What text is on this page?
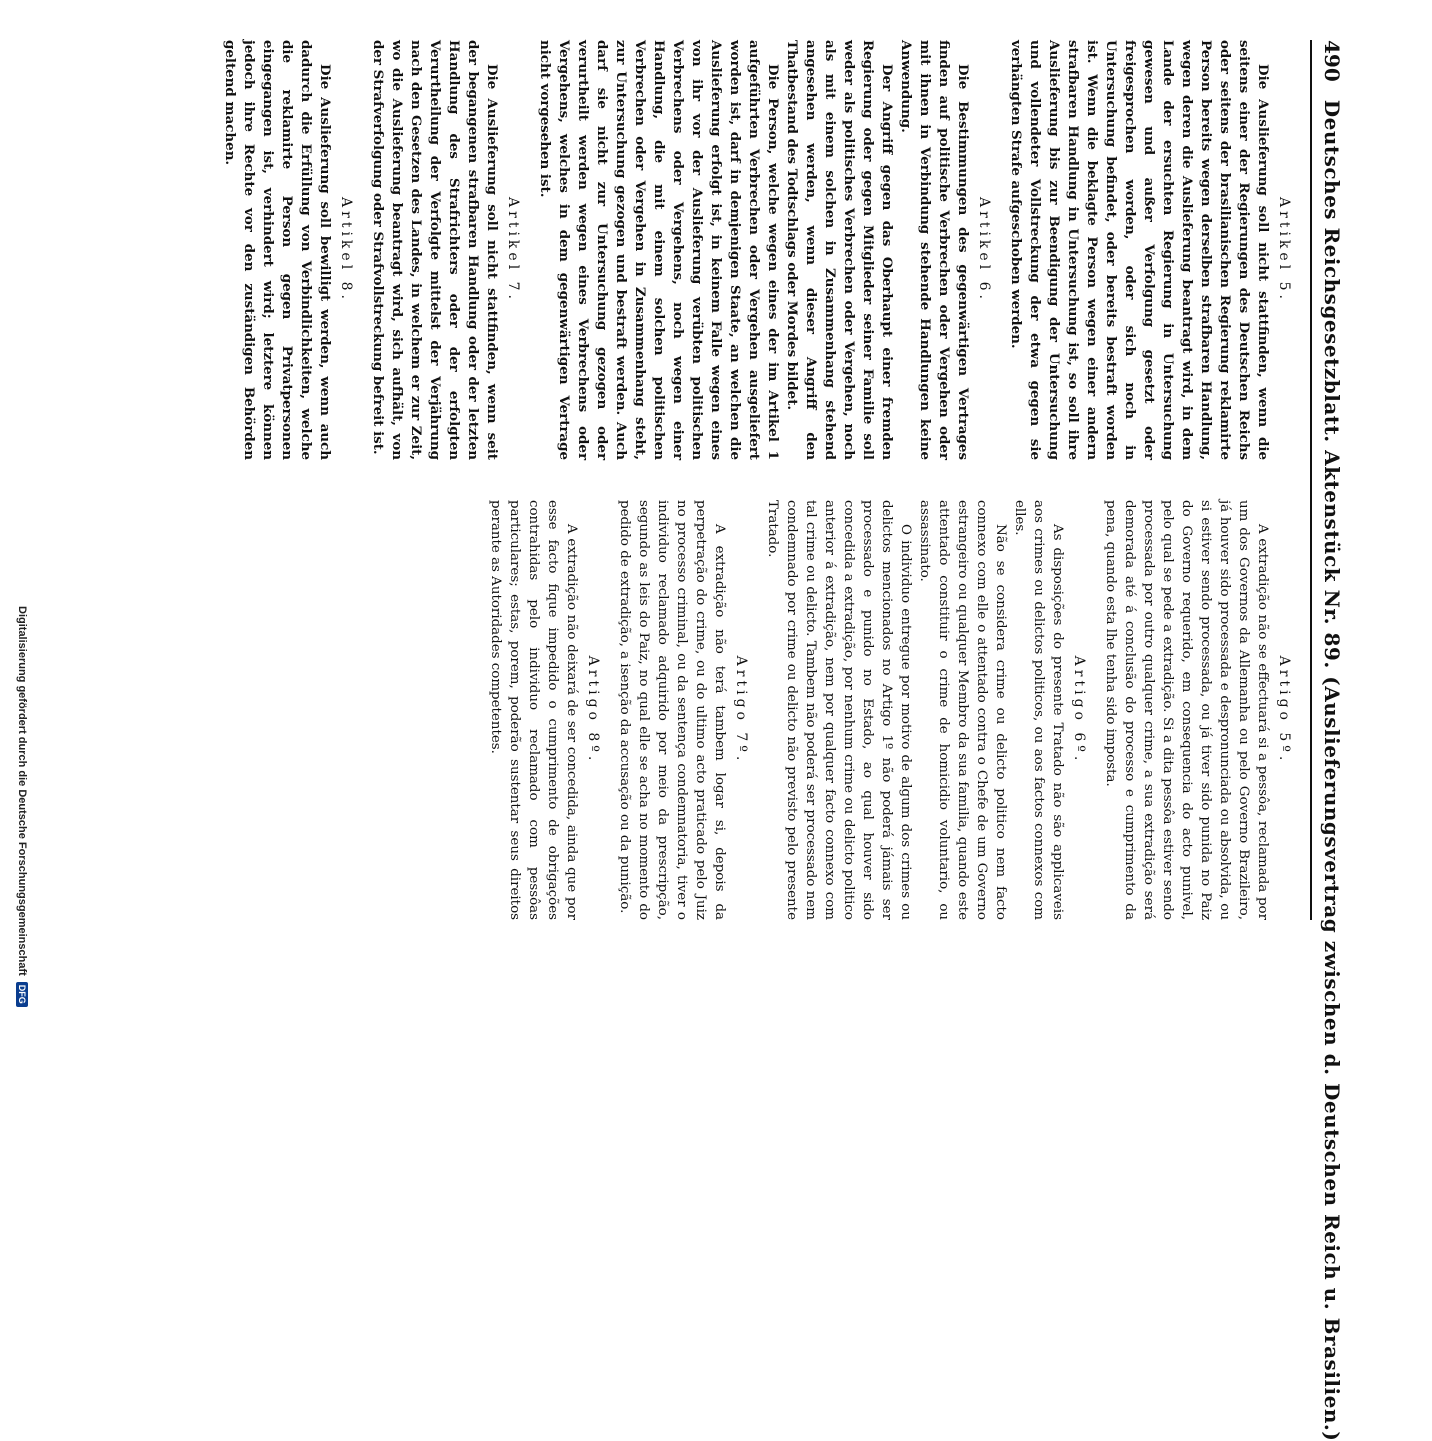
490
Deutsches Reichsgesetzblatt. Aktenstück Nr. 89. (Auslieferungsvertrag zwischen d. Deutschen Reich u. Brasilien.)
Artikel 5.

Die Auslieferung soll nicht stattfinden, wenn die seitens einer der Regierungen des Deutschen Reichs oder seitens der brasilianischen Regierung reklamirte Person bereits wegen derselben strafbaren Handlung, wegen deren die Auslieferung beantragt wird, in dem Lande der ersuchten Regierung in Untersuchung gewesen und außer Verfolgung gesetzt oder freigesprochen worden, oder sich noch in Untersuchung befindet, oder bereits bestraft worden ist. Wenn die beklagte Person wegen einer andern strafbaren Handlung in Untersuchung ist, so soll ihre Auslieferung bis zur Beendigung der Untersuchung und vollendeter Vollstreckung der etwa gegen sie verhängten Strafe aufgeschoben werden.

Artikel 6.

Die Bestimmungen des gegenwärtigen Vertrages finden auf politische Verbrechen oder Vergehen oder mit ihnen in Verbindung stehende Handlungen keine Anwendung.

Der Angriff gegen das Oberhaupt einer fremden Regierung oder gegen Mitglieder seiner Familie soll weder als politisches Verbrechen oder Vergehen, noch als mit einem solchen in Zusammenhang stehend angesehen werden, wenn dieser Angriff den Thatbestand des Todtschlags oder Mordes bildet.

Die Person, welche wegen eines der im Artikel 1 aufgeführten Verbrechen oder Vergehen ausgeliefert worden ist, darf in demjenigen Staate, an welchen die Auslieferung erfolgt ist, in keinem Falle wegen eines von ihr vor der Auslieferung verübten politischen Verbrechens oder Vergehens, noch wegen einer Handlung, die mit einem solchen politischen Verbrechen oder Vergehen in Zusammenhang steht, zur Untersuchung gezogen und bestraft werden. Auch darf sie nicht zur Untersuchung gezogen oder verurtheilt werden wegen eines Verbrechens oder Vergehens, welches in dem gegenwärtigen Vertrage nicht vorgesehen ist.

Artikel 7.

Die Auslieferung soll nicht stattfinden, wenn seit der begangenen strafbaren Handlung oder der letzten Handlung des Strafrichters oder der erfolgten Verurtheilung der Verfolgte mittelst der Verjährung nach den Gesetzen des Landes, in welchem er zur Zeit, wo die Auslieferung beantragt wird, sich aufhält, von der Strafverfolgung oder Strafvollstreckung befreit ist.

Artikel 8.

Die Auslieferung soll bewilligt werden, wenn auch dadurch die Erfüllung von Verbindlichkeiten, welche die reklamirte Person gegen Privatpersonen eingegangen ist, verhindert wird; letztere können jedoch ihre Rechte vor den zuständigen Behörden geltend machen.

Artigo 5º.

A extradição não se effectuará si a pessôa, reclamada por um dos Governos da Allemanha ou pelo Governo Brazileiro, já houver sido processada e despronunciada ou absolvida, ou si estiver sendo processada, ou já tiver sido punida no Paiz do Governo requerido, em consequencia do acto punivel, pelo qual se pede a extradição. Si a dita pessôa estiver sendo processada por outro qualquer crime, a sua extradição será demorada até á conclusão do processo e cumprimento da pena, quando esta lhe tenha sido imposta.

Artigo 6º.

As disposições do presente Tratado não são applicaveis aos crimes ou delictos politicos, ou aos factos connexos com elles.

Não se considera crime ou delicto politico nem facto connexo com elle o attentado contra o Chefe de um Governo estrangeiro ou qualquer Membro da sua familia, quando este attentado constituir o crime de homicidio voluntario, ou assassinato.

O individuo entregue por motivo de algum dos crimes ou delictos mencionados no Artigo 1º não poderá jámais ser processado e punido no Estado, ao qual houver sido concedida a extradição, por nenhum crime ou delicto politico anterior á extradição, nem por qualquer facto connexo com tal crime ou delicto. Tambem não poderá ser processado nem condemnado por crime ou delicto não previsto pelo presente Tratado.

Artigo 7º.

A extradição não terá tambem logar si, depois da perpetração do crime, ou do ultimo acto praticado pelo Juiz no processo criminal, ou da sentença condemnatoria, tiver o individuo reclamado adquirido por meio da prescripção, segundo as leis do Paiz, no qual elle se acha no momento do pedido de extradição, a isenção da accusação ou da punição.

Artigo 8º.

A extradição não deixará de ser concedida, ainda que por esse facto fique impedido o cumprimento de obrigações contrahidas pelo individuo reclamado com pessôas particulares; estas, porem, poderão sustentar seus direitos perante as Autoridades competentes.

Digitalisierung gefördert durch die Deutsche ForschungsgemeinschaftDFG
